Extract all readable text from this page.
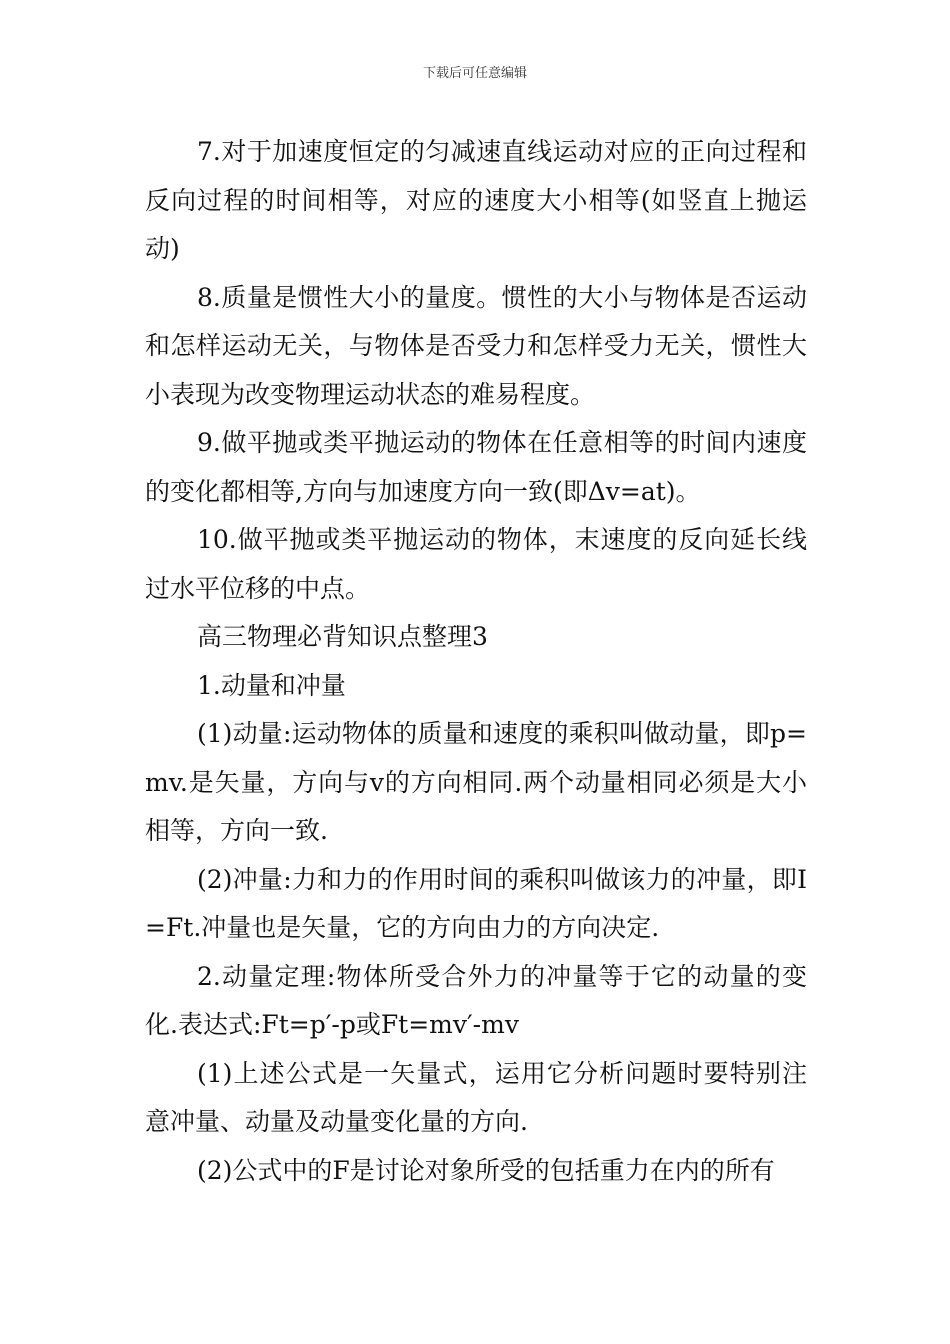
下载后可任意编辑

7.对于加速度恒定的匀减速直线运动对应的正向过程和反向过程的时间相等，对应的速度大小相等(如竖直上抛运动)

8.质量是惯性大小的量度。惯性的大小与物体是否运动和怎样运动无关，与物体是否受力和怎样受力无关，惯性大小表现为改变物理运动状态的难易程度。

9.做平抛或类平抛运动的物体在任意相等的时间内速度的变化都相等,方向与加速度方向一致(即Δv=at)。

10.做平抛或类平抛运动的物体，末速度的反向延长线过水平位移的中点。

高三物理必背知识点整理3

1.动量和冲量

(1)动量:运动物体的质量和速度的乘积叫做动量，即p=mv.是矢量，方向与v的方向相同.两个动量相同必须是大小相等，方向一致.

(2)冲量:力和力的作用时间的乘积叫做该力的冲量，即I=Ft.冲量也是矢量，它的方向由力的方向决定.

2.动量定理:物体所受合外力的冲量等于它的动量的变化.表达式:Ft=p′-p或Ft=mv′-mv

(1)上述公式是一矢量式，运用它分析问题时要特别注意冲量、动量及动量变化量的方向.

(2)公式中的F是讨论对象所受的包括重力在内的所有
